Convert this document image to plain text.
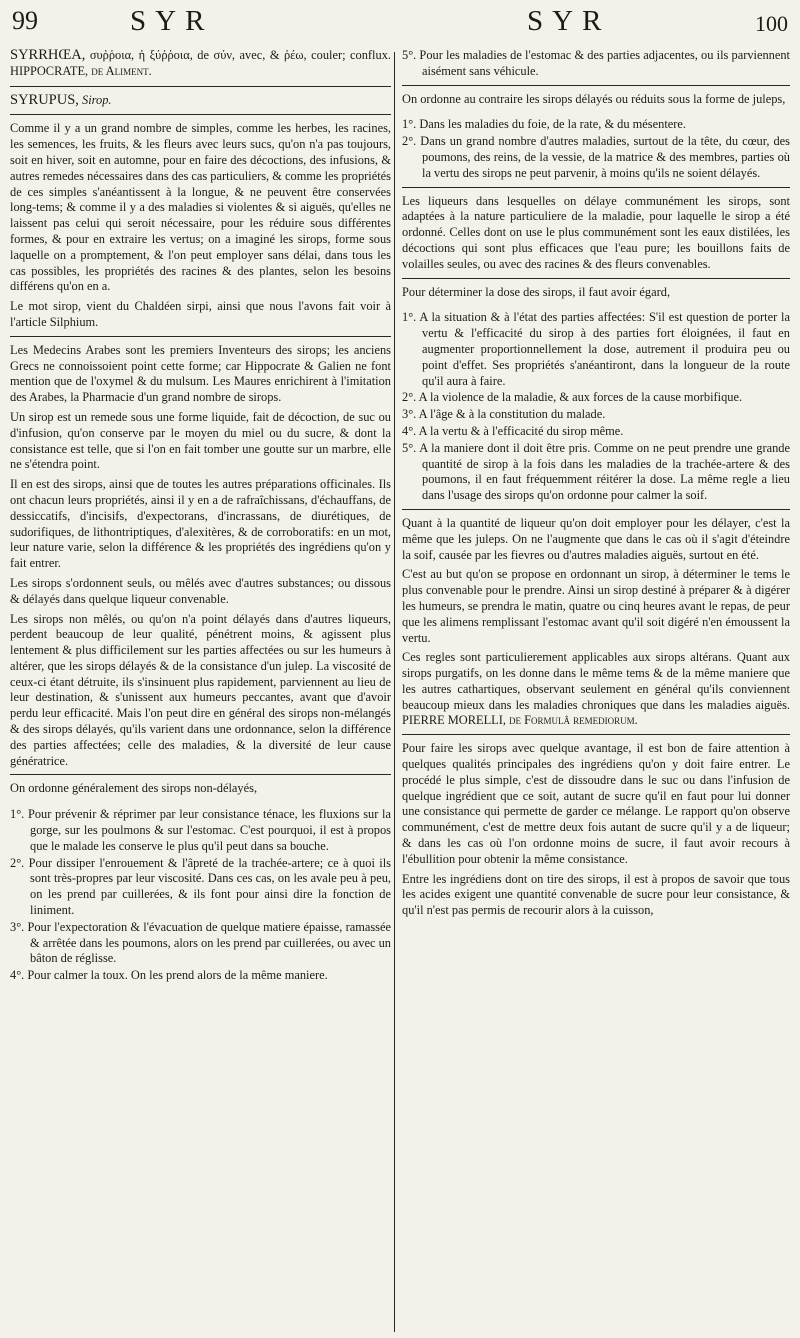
99	SYR	SYR	100

SYRRHŒA, συῤῥοια, ἡ ξύῤῥοια, de σύν, avec, & ῥέω, couler; conflux. HIPPOCRATE, de Aliment.

SYRUPUS, Sirop.

Comme il y a un grand nombre de simples, comme les herbes, les racines, les semences, les fruits, & les fleurs avec leurs sucs, qu'on n'a pas toujours, soit en hiver, soit en automne, pour en faire des décoctions, des infusions, & autres remedes nécessaires dans des cas particuliers, & comme les propriétés de ces simples s'anéantissent à la longue, & ne peuvent être conservées long-tems; & comme il y a des maladies si violentes & si aiguës, qu'elles ne laissent pas celui qui seroit nécessaire, pour les réduire sous différentes formes, & pour en extraire les vertus; on a imaginé les sirops, forme sous laquelle on a promptement, & l'on peut employer sans délai, dans tous les cas possibles, les propriétés des racines & des plantes, selon les besoins différens qu'on en a.

Le mot sirop, vient du Chaldéen sirpi, ainsi que nous l'avons fait voir à l'article Silphium.

Les Medecins Arabes sont les premiers Inventeurs des sirops; les anciens Grecs ne connoissoient point cette forme; car Hippocrate & Galien ne font mention que de l'oxymel & du mulsum. Les Maures enrichirent à l'imitation des Arabes, la Pharmacie d'un grand nombre de sirops.

Un sirop est un remede sous une forme liquide, fait de décoction, de suc ou d'infusion, qu'on conserve par le moyen du miel ou du sucre, & dont la consistance est telle, que si l'on en fait tomber une goutte sur un marbre, elle ne s'étendra point.

Il en est des sirops, ainsi que de toutes les autres préparations officinales. Ils ont chacun leurs propriétés, ainsi il y en a de rafraîchissans, d'échauffans, de dessiccatifs, d'incisifs, d'expectorans, d'incrassans, de diurétiques, de sudorifiques, de lithontriptiques, d'alexitères, & de corroboratifs: en un mot, leur nature varie, selon la différence & les propriétés des ingrédiens qu'on y fait entrer.

Les sirops s'ordonnent seuls, ou mêlés avec d'autres substances; ou dissous & délayés dans quelque liqueur convenable.

Les sirops non mêlés, ou qu'on n'a point délayés dans d'autres liqueurs, perdent beaucoup de leur qualité, pénétrent moins, & agissent plus lentement & plus difficilement sur les parties affectées ou sur les humeurs à altérer, que les sirops délayés & de la consistance d'un julep. La viscosité de ceux-ci étant détruite, ils s'insinuent plus rapidement, parviennent au lieu de leur destination, & s'unissent aux humeurs peccantes, avant que d'avoir perdu leur efficacité. Mais l'on peut dire en général des sirops non-mélangés & des sirops délayés, qu'ils varient dans une ordonnance, selon la différence des parties affectées; celle des maladies, & la diversité de leur cause génératrice.

On ordonne généralement des sirops non-délayés,

1°. Pour prévenir & réprimer par leur consistance ténace, les fluxions sur la gorge, sur les poulmons & sur l'estomac. C'est pourquoi, il est à propos que le malade les conserve le plus qu'il peut dans sa bouche.

2°. Pour dissiper l'enrouement & l'âpreté de la trachée-artere; ce à quoi ils sont très-propres par leur viscosité. Dans ces cas, on les avale peu à peu, on les prend par cuillerées, & ils font pour ainsi dire la fonction de liniment.

3°. Pour l'expectoration & l'évacuation de quelque matiere épaisse, ramassée & arrêtée dans les poumons, alors on les prend par cuillerées, ou avec un bâton de réglisse.

4°. Pour calmer la toux. On les prend alors de la même maniere.

5°. Pour les maladies de l'estomac & des parties adjacentes, ou ils parviennent aisément sans véhicule.

On ordonne au contraire les sirops délayés ou réduits sous la forme de juleps,

1°. Dans les maladies du foie, de la rate, & du mésentere.

2°. Dans un grand nombre d'autres maladies, surtout de la tête, du cœur, des poumons, des reins, de la vessie, de la matrice & des membres, parties où la vertu des sirops ne peut parvenir, à moins qu'ils ne soient délayés.

Les liqueurs dans lesquelles on délaye communément les sirops, sont adaptées à la nature particuliere de la maladie, pour laquelle le sirop a été ordonné. Celles dont on use le plus communément sont les eaux distilées, les décoctions qui sont plus efficaces que l'eau pure; les bouillons faits de volailles seules, ou avec des racines & des fleurs convenables.

Pour déterminer la dose des sirops, il faut avoir égard,

1°. A la situation & à l'état des parties affectées: S'il est question de porter la vertu & l'efficacité du sirop à des parties fort éloignées, il faut en augmenter proportionnellement la dose, autrement il produira peu ou point d'effet. Ses propriétés s'anéantiront, dans la longueur de la route qu'il aura à faire.

2°. A la violence de la maladie, & aux forces de la cause morbifique.

3°. A l'âge & à la constitution du malade.

4°. A la vertu & à l'efficacité du sirop même.

5°. A la maniere dont il doit être pris. Comme on ne peut prendre une grande quantité de sirop à la fois dans les maladies de la trachée-artere & des poumons, il en faut fréquemment réitérer la dose. La même regle a lieu dans l'usage des sirops qu'on ordonne pour calmer la soif.

Quant à la quantité de liqueur qu'on doit employer pour les délayer, c'est la même que les juleps. On ne l'augmente que dans le cas où il s'agit d'éteindre la soif, causée par les fievres ou d'autres maladies aiguës, surtout en été.

C'est au but qu'on se propose en ordonnant un sirop, à déterminer le tems le plus convenable pour le prendre. Ainsi un sirop destiné à préparer & à digérer les humeurs, se prendra le matin, quatre ou cinq heures avant le repas, de peur que les alimens remplissant l'estomac avant qu'il soit digéré n'en émoussent la vertu.

Ces regles sont particulierement applicables aux sirops altérans. Quant aux sirops purgatifs, on les donne dans le même tems & de la même maniere que les autres cathartiques, observant seulement en général qu'ils conviennent beaucoup mieux dans les maladies chroniques que dans les maladies aiguës. PIERRE MORELLI, de Formulâ remediorum.

Pour faire les sirops avec quelque avantage, il est bon de faire attention à quelques qualités principales des ingrédiens qu'on y doit faire entrer. Le procédé le plus simple, c'est de dissoudre dans le suc ou dans l'infusion de quelque ingrédient que ce soit, autant de sucre qu'il en faut pour lui donner une consistance qui permette de garder ce mélange. Le rapport qu'on observe communément, c'est de mettre deux fois autant de sucre qu'il y a de liqueur; & dans les cas où l'on ordonne moins de sucre, il faut avoir recours à l'ébullition pour obtenir la même consistance.

Entre les ingrédiens dont on tire des sirops, il est à propos de savoir que tous les acides exigent une quantité convenable de sucre pour leur consistance, & qu'il n'est pas permis de recourir alors à la cuisson,
